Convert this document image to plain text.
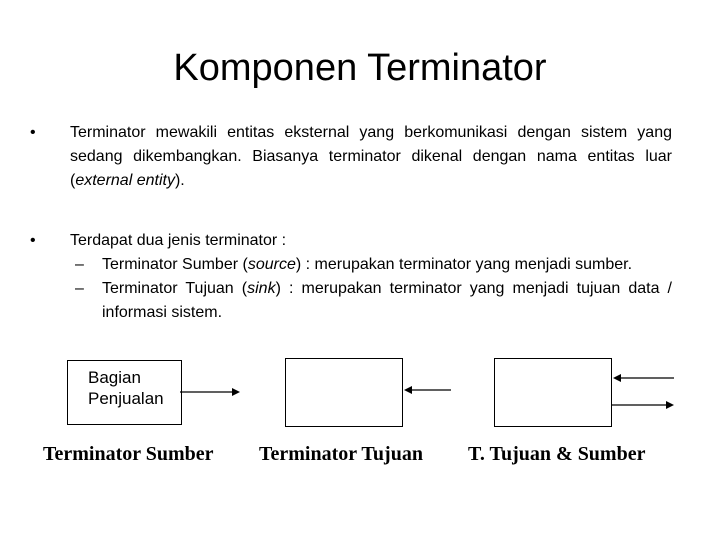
Komponen Terminator
• Terminator mewakili entitas eksternal yang berkomunikasi dengan sistem yang sedang dikembangkan. Biasanya terminator dikenal dengan nama entitas luar (external entity).
• Terdapat dua jenis terminator :
– Terminator Sumber (source) : merupakan terminator yang menjadi sumber.
– Terminator Tujuan (sink) : merupakan terminator yang menjadi tujuan data / informasi sistem.
Bagian Penjualan
Terminator Sumber Terminator Tujuan T. Tujuan & Sumber
